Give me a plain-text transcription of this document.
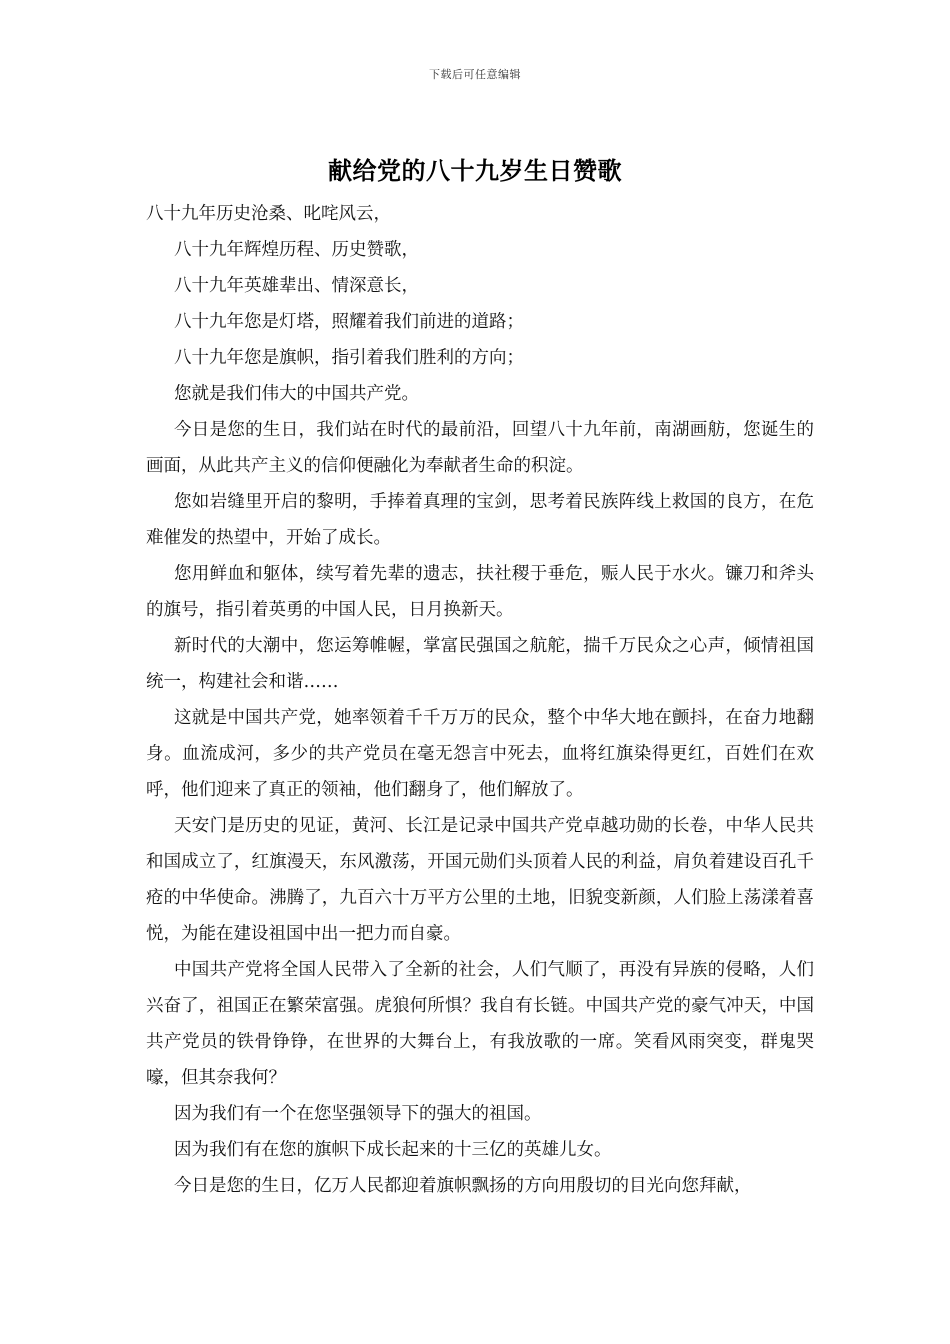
下载后可任意编辑
献给党的八十九岁生日赞歌

八十九年历史沧桑、叱咤风云，

八十九年辉煌历程、历史赞歌，

八十九年英雄辈出、情深意长，

八十九年您是灯塔，照耀着我们前进的道路；

八十九年您是旗帜，指引着我们胜利的方向；

您就是我们伟大的中国共产党。

今日是您的生日，我们站在时代的最前沿，回望八十九年前，南湖画舫，您诞生的画面，从此共产主义的信仰便融化为奉献者生命的积淀。

您如岩缝里开启的黎明，手捧着真理的宝剑，思考着民族阵线上救国的良方，在危难催发的热望中，开始了成长。

您用鲜血和躯体，续写着先辈的遗志，扶社稷于垂危，赈人民于水火。镰刀和斧头的旗号，指引着英勇的中国人民，日月换新天。

新时代的大潮中，您运筹帷幄，掌富民强国之航舵，揣千万民众之心声，倾情祖国统一，构建社会和谐……

这就是中国共产党，她率领着千千万万的民众，整个中华大地在颤抖，在奋力地翻身。血流成河，多少的共产党员在毫无怨言中死去，血将红旗染得更红，百姓们在欢呼，他们迎来了真正的领袖，他们翻身了，他们解放了。

天安门是历史的见证，黄河、长江是记录中国共产党卓越功勋的长卷，中华人民共和国成立了，红旗漫天，东风激荡，开国元勋们头顶着人民的利益，肩负着建设百孔千疮的中华使命。沸腾了，九百六十万平方公里的土地，旧貌变新颜，人们脸上荡漾着喜悦，为能在建设祖国中出一把力而自豪。

中国共产党将全国人民带入了全新的社会，人们气顺了，再没有异族的侵略，人们兴奋了，祖国正在繁荣富强。虎狼何所惧？我自有长链。中国共产党的豪气冲天，中国共产党员的铁骨铮铮，在世界的大舞台上，有我放歌的一席。笑看风雨突变，群鬼哭嚎，但其奈我何？

因为我们有一个在您坚强领导下的强大的祖国。

因为我们有在您的旗帜下成长起来的十三亿的英雄儿女。

今日是您的生日，亿万人民都迎着旗帜飘扬的方向用殷切的目光向您拜献，
